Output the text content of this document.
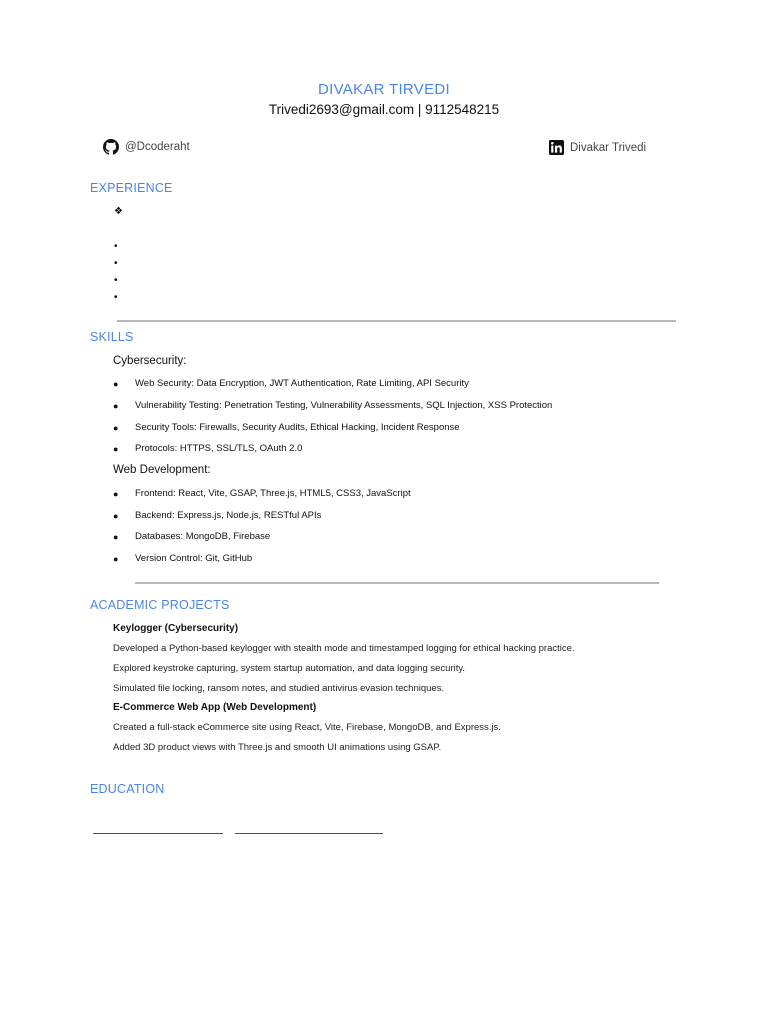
DIVAKAR TIRVEDI
Trivedi2693@gmail.com | 9112548215
@Dcoderaht	Divakar Trivedi
EXPERIENCE
❖
•
•
•
•
SKILLS
Cybersecurity:
●	Web Security: Data Encryption, JWT Authentication, Rate Limiting, API Security
●	Vulnerability Testing: Penetration Testing, Vulnerability Assessments, SQL Injection, XSS Protection
●	Security Tools: Firewalls, Security Audits, Ethical Hacking, Incident Response
●	Protocols: HTTPS, SSL/TLS, OAuth 2.0
Web Development:
●	Frontend: React, Vite, GSAP, Three.js, HTML5, CSS3, JavaScript
●	Backend: Express.js, Node.js, RESTful APIs
●	Databases: MongoDB, Firebase
●	Version Control: Git, GitHub
ACADEMIC PROJECTS
Keylogger (Cybersecurity)
Developed a Python-based keylogger with stealth mode and timestamped logging for ethical hacking practice.
Explored keystroke capturing, system startup automation, and data logging security.
Simulated file locking, ransom notes, and studied antivirus evasion techniques.
E-Commerce Web App (Web Development)
Created a full-stack eCommerce site using React, Vite, Firebase, MongoDB, and Express.js.
Added 3D product views with Three.js and smooth UI animations using GSAP.
EDUCATION
